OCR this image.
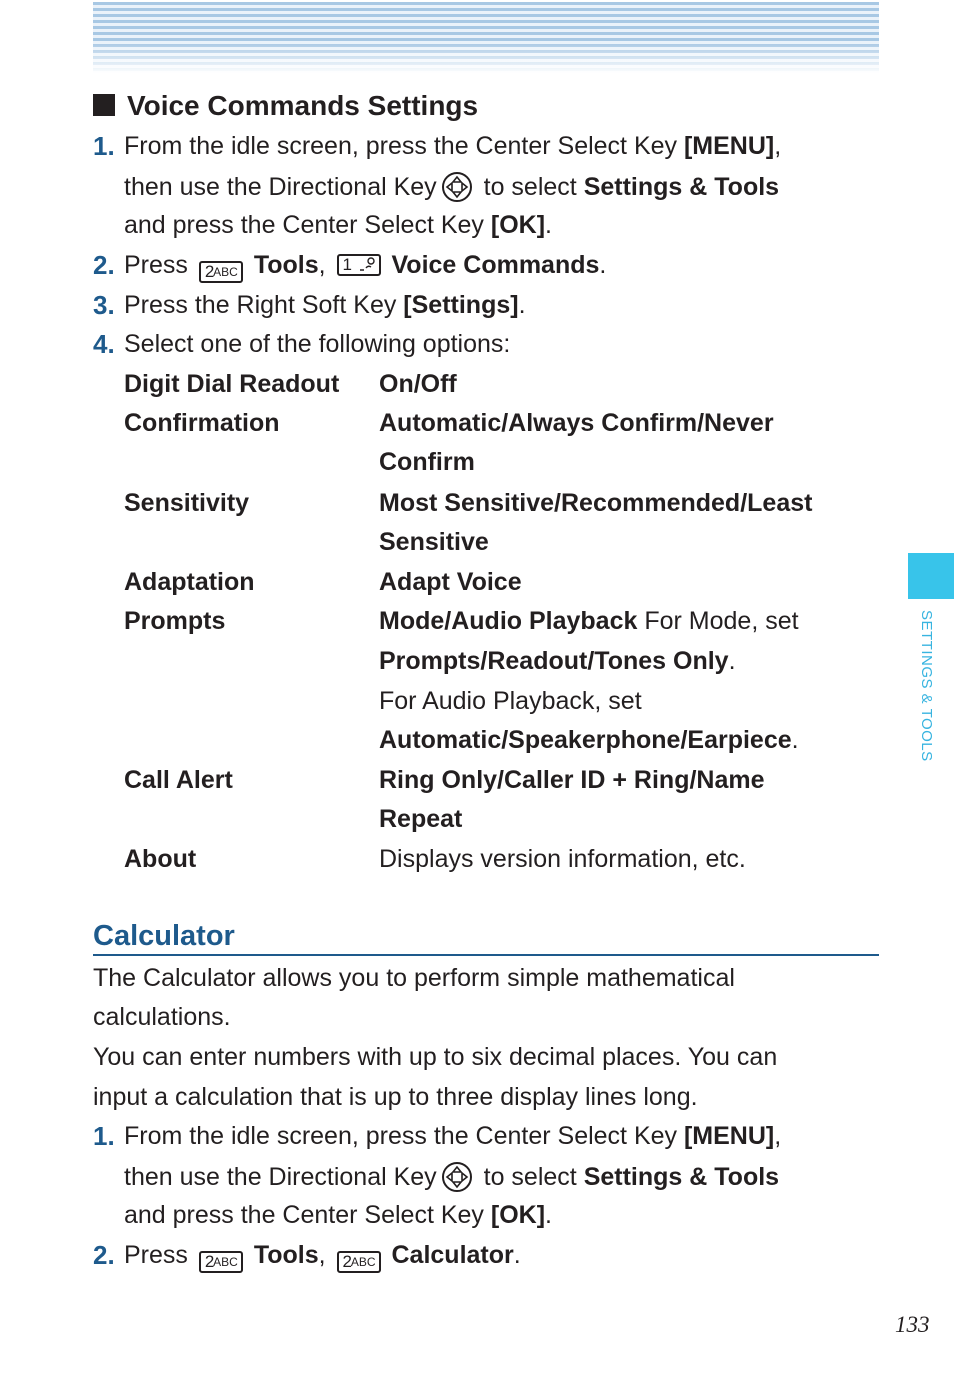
SETTINGS & TOOLS
Voice Commands Settings
1. From the idle screen, press the Center Select Key [MENU],
then use the Directional Key to select Settings & Tools
and press the Center Select Key [OK].
2. Press 2
ABC Tools, 1 Voice Commands.
3. Press the Right Soft Key [Settings].
4. Select one of the following options:
Digit Dial Readout On/Off
Confirmation	Automatic/Always Confirm/Never
Confirm
Sensitivity	Most Sensitive/Recommended/Least
Sensitive
Adaptation	Adapt Voice
Prompts	Mode/Audio Playback For Mode, set
Prompts/Readout/Tones Only.
For Audio Playback, set
Automatic/Speakerphone/Earpiece.
Call Alert	Ring Only/Caller ID + Ring/Name
Repeat
About	Displays version information, etc.
Calculator
The Calculator allows you to perform simple mathematical
calculations.
You can enter numbers with up to six decimal places. You can
input a calculation that is up to three display lines long.
1. From the idle screen, press the Center Select Key [MENU],
then use the Directional Key to select Settings & Tools
and press the Center Select Key [OK].
2. Press 2
ABC Tools, 2
ABC Calculator.
133
